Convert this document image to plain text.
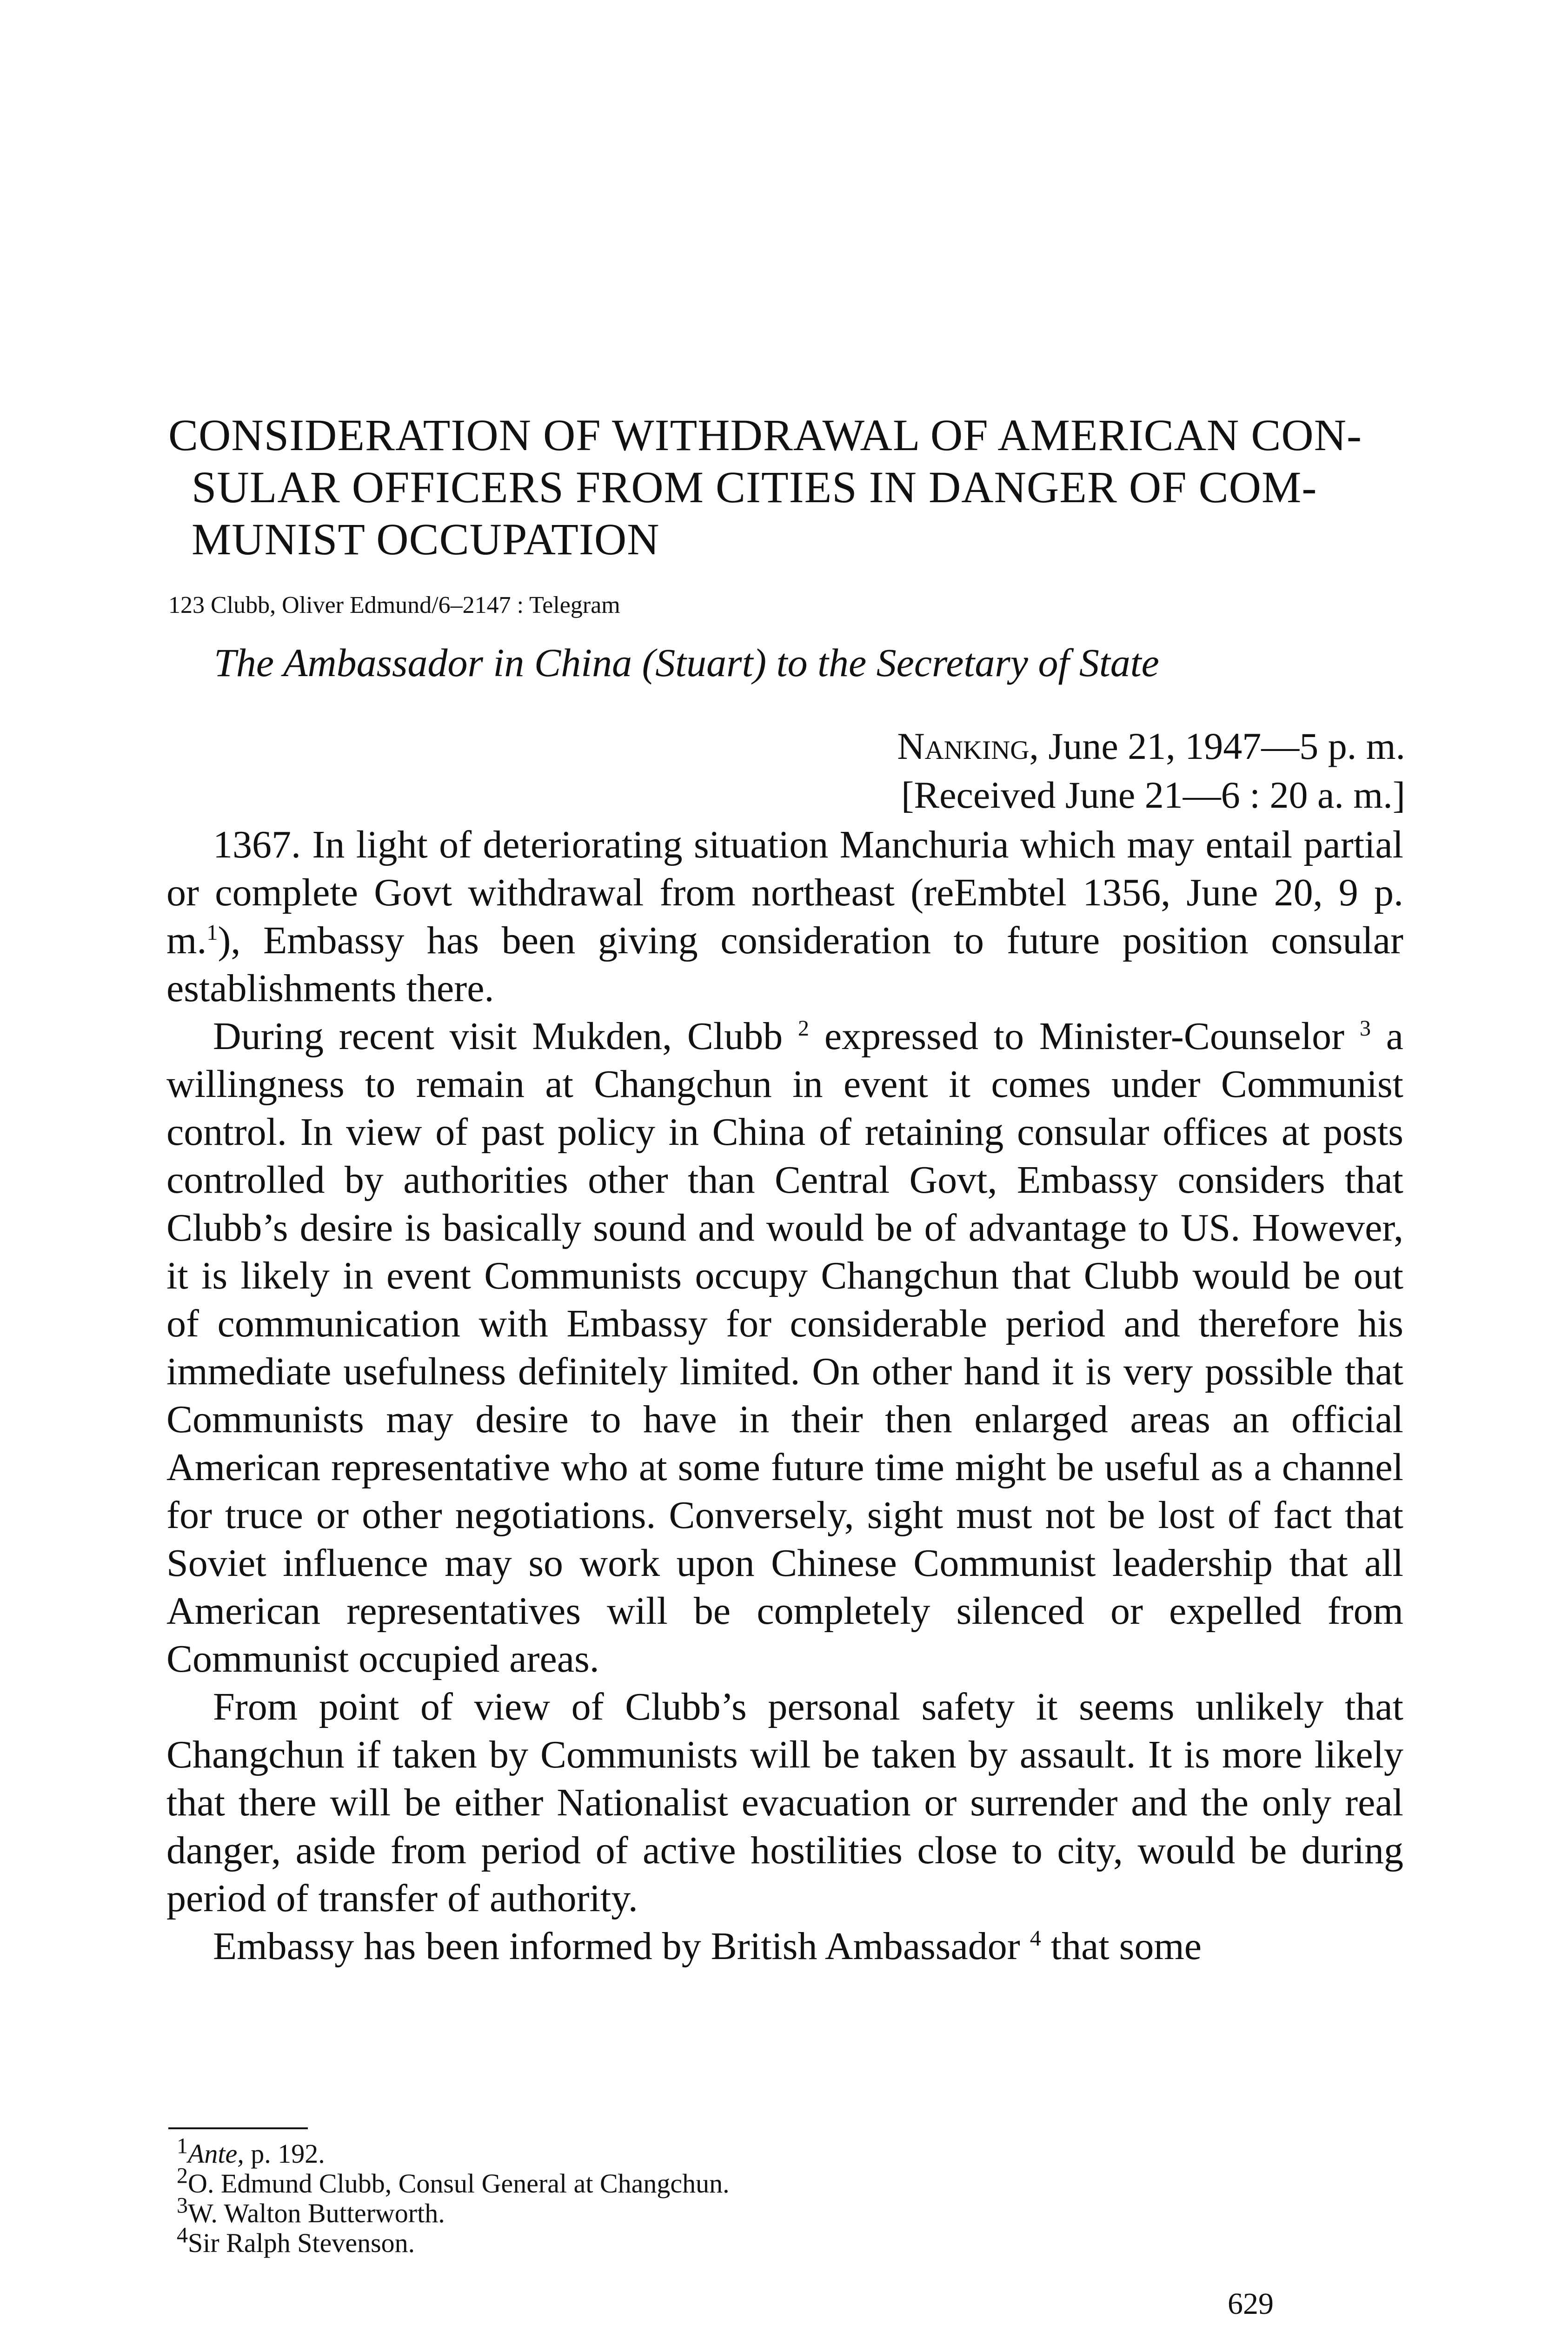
CONSIDERATION OF WITHDRAWAL OF AMERICAN CON-
SULAR OFFICERS FROM CITIES IN DANGER OF COM-
MUNIST OCCUPATION
123 Clubb, Oliver Edmund/6–2147 : Telegram
The Ambassador in China (Stuart) to the Secretary of State
Nanking, June 21, 1947—5 p. m.
[Received June 21—6 : 20 a. m.]

1367. In light of deteriorating situation Manchuria which may entail partial or complete Govt withdrawal from northeast (reEmbtel 1356, June 20, 9 p. m.$^1$), Embassy has been giving consideration to future position consular establishments there.

During recent visit Mukden, Clubb $^2$ expressed to Minister-Counselor $^3$ a willingness to remain at Changchun in event it comes under Communist control. In view of past policy in China of retaining consular offices at posts controlled by authorities other than Central Govt, Embassy considers that Clubb’s desire is basically sound and would be of advantage to US. However, it is likely in event Communists occupy Changchun that Clubb would be out of communication with Embassy for considerable period and therefore his immediate usefulness definitely limited. On other hand it is very possible that Communists may desire to have in their then enlarged areas an official American representative who at some future time might be useful as a channel for truce or other negotiations. Conversely, sight must not be lost of fact that Soviet influence may so work upon Chinese Communist leadership that all American representatives will be completely silenced or expelled from Communist occupied areas.

From point of view of Clubb’s personal safety it seems unlikely that Changchun if taken by Communists will be taken by assault. It is more likely that there will be either Nationalist evacuation or surrender and the only real danger, aside from period of active hostilities close to city, would be during period of transfer of authority.

Embassy has been informed by British Ambassador $^4$ that some

$^1$Ante, p. 192.
$^2$O. Edmund Clubb, Consul General at Changchun.
$^3$W. Walton Butterworth.
$^4$Sir Ralph Stevenson.
629
